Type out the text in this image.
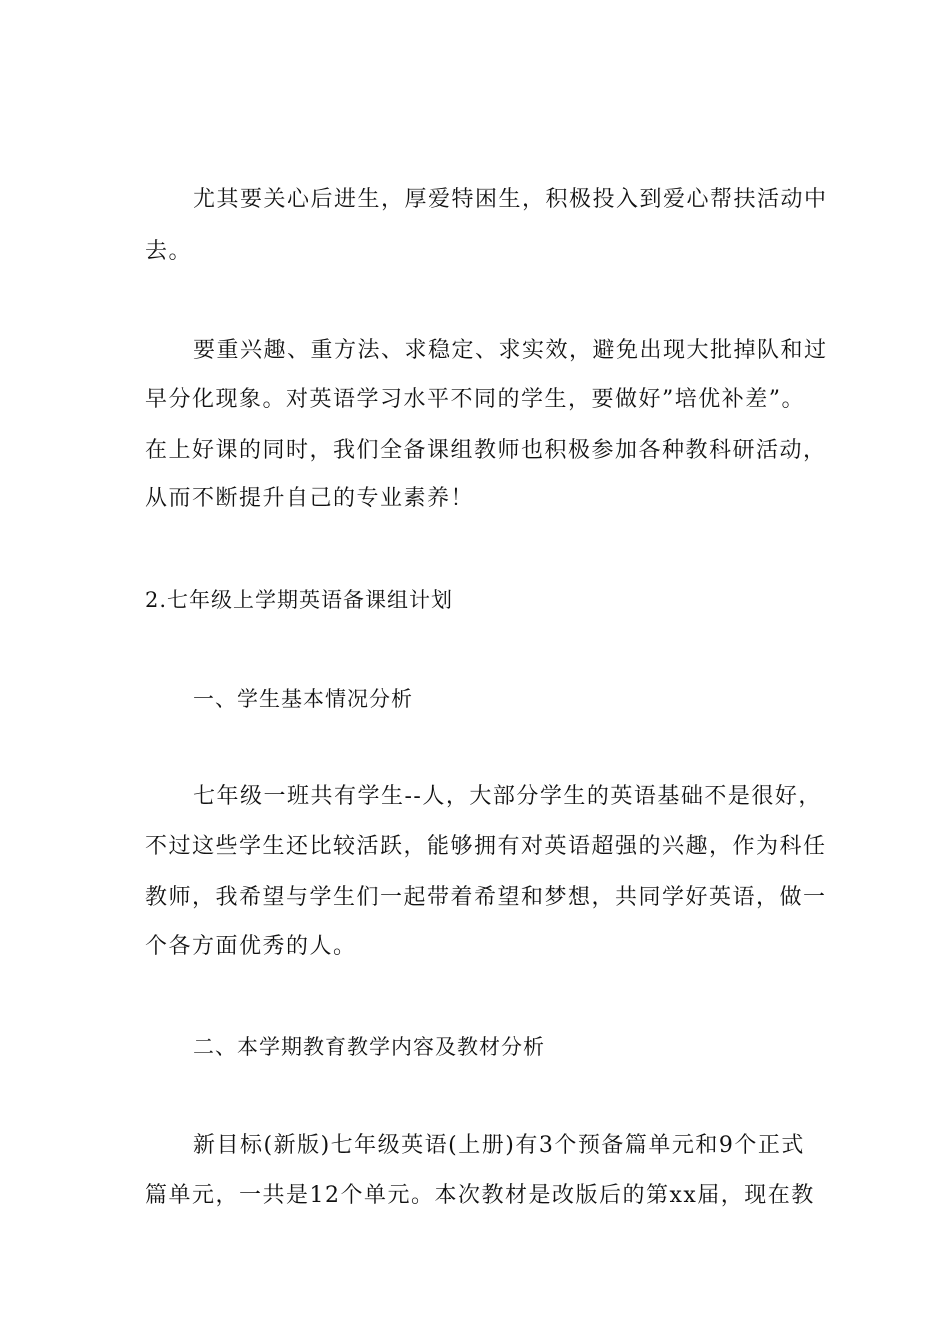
尤其要关心后进生，厚爱特困生，积极投入到爱心帮扶活动中
去。
要重兴趣、重方法、求稳定、求实效，避免出现大批掉队和过
早分化现象。对英语学习水平不同的学生，要做好”培优补差”。
在上好课的同时，我们全备课组教师也积极参加各种教科研活动，
从而不断提升自己的专业素养！
2.七年级上学期英语备课组计划
一、学生基本情况分析
七年级一班共有学生--人，大部分学生的英语基础不是很好，
不过这些学生还比较活跃，能够拥有对英语超强的兴趣，作为科任
教师，我希望与学生们一起带着希望和梦想，共同学好英语，做一
个各方面优秀的人。
二、本学期教育教学内容及教材分析
新目标(新版)七年级英语(上册)有3个预备篇单元和9个正式
篇单元，一共是12个单元。本次教材是改版后的第xx届，现在教
